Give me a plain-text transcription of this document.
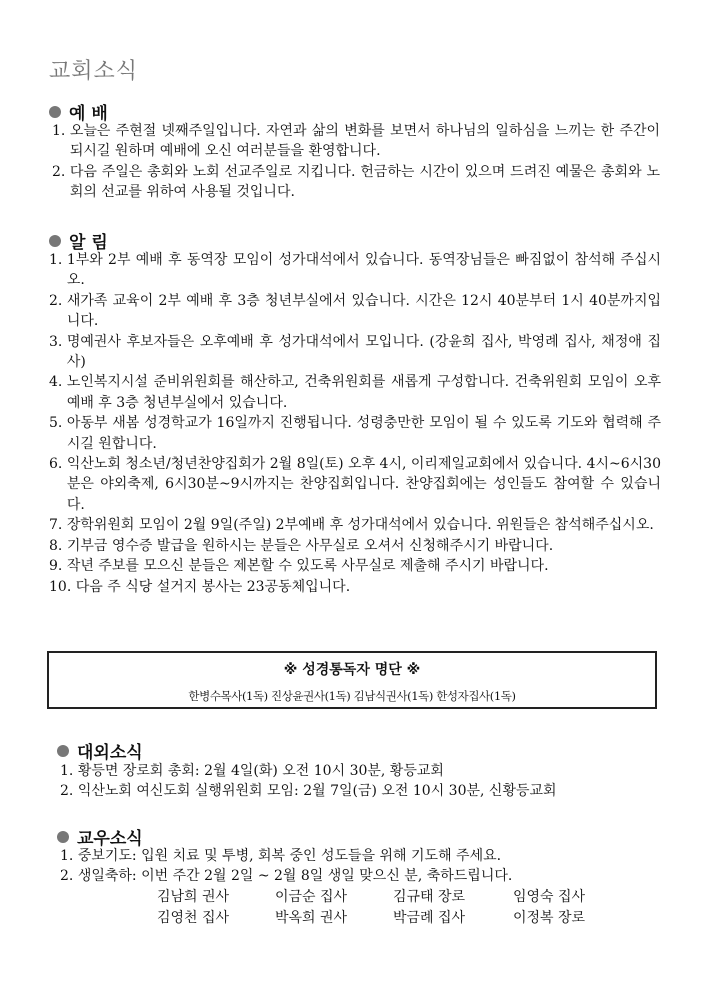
교회소식
예 배
1. 오늘은 주현절 넷째주일입니다. 자연과 삶의 변화를 보면서 하나님의 일하심을 느끼는 한 주간이 되시길 원하며 예배에 오신 여러분들을 환영합니다.
2. 다음 주일은 총회와 노회 선교주일로 지킵니다. 헌금하는 시간이 있으며 드려진 예물은 총회와 노회의 선교를 위하여 사용될 것입니다.
알 림
1. 1부와 2부 예배 후 동역장 모임이 성가대석에서 있습니다. 동역장님들은 빠짐없이 참석해 주십시오.
2. 새가족 교육이 2부 예배 후 3층 청년부실에서 있습니다. 시간은 12시 40분부터 1시 40분까지입니다.
3. 명예권사 후보자들은 오후예배 후 성가대석에서 모입니다. (강윤희 집사, 박영례 집사, 채정애 집사)
4. 노인복지시설 준비위원회를 해산하고, 건축위원회를 새롭게 구성합니다. 건축위원회 모임이 오후예배 후 3층 청년부실에서 있습니다.
5. 아동부 새봄 성경학교가 16일까지 진행됩니다. 성령충만한 모임이 될 수 있도록 기도와 협력해 주시길 원합니다.
6. 익산노회 청소년/청년찬양집회가 2월 8일(토) 오후 4시, 이리제일교회에서 있습니다. 4시~6시30분은 야외축제, 6시30분~9시까지는 찬양집회입니다. 찬양집회에는 성인들도 참여할 수 있습니다.
7. 장학위원회 모임이 2월 9일(주일) 2부예배 후 성가대석에서 있습니다. 위원들은 참석해주십시오.
8. 기부금 영수증 발급을 원하시는 분들은 사무실로 오셔서 신청해주시기 바랍니다.
9. 작년 주보를 모으신 분들은 제본할 수 있도록 사무실로 제출해 주시기 바랍니다.
10. 다음 주 식당 설거지 봉사는 23공동체입니다.
※ 성경통독자 명단 ※
한병수목사(1독) 진상윤권사(1독) 김남식권사(1독) 한성자집사(1독)
대외소식
1. 황등면 장로회 총회: 2월 4일(화) 오전 10시 30분, 황등교회
2. 익산노회 여신도회 실행위원회 모임: 2월 7일(금) 오전 10시 30분, 신황등교회
교우소식
1. 중보기도: 입원 치료 및 투병, 회복 중인 성도들을 위해 기도해 주세요.
2. 생일축하: 이번 주간 2월 2일 ~ 2월 8일 생일 맞으신 분, 축하드립니다.
김남희 권사	이금순 집사	김규태 장로	임영숙 집사
김영천 집사	박옥희 권사	박금례 집사	이정복 장로
